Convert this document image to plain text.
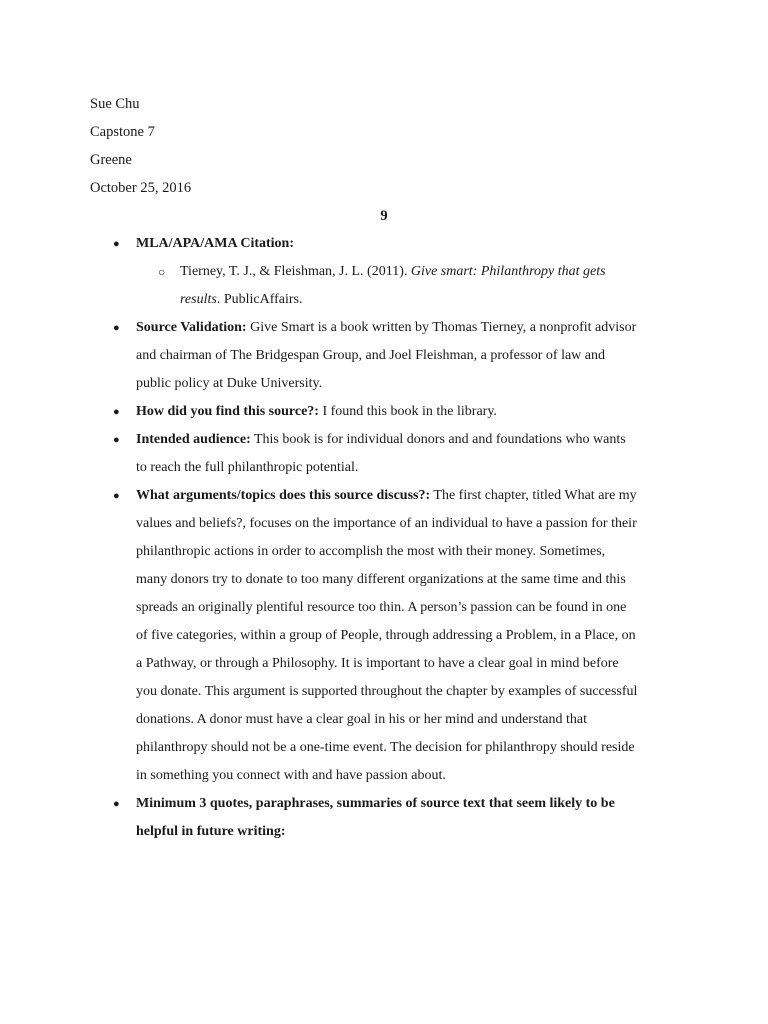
Sue Chu
Capstone 7
Greene
October 25, 2016
9
● MLA/APA/AMA Citation:
○ Tierney, T. J., & Fleishman, J. L. (2011). Give smart: Philanthropy that gets
results. PublicAffairs.
● Source Validation: Give Smart is a book written by Thomas Tierney, a nonprofit advisor
and chairman of The Bridgespan Group, and Joel Fleishman, a professor of law and
public policy at Duke University.
● How did you find this source?: I found this book in the library.
● Intended audience: This book is for individual donors and and foundations who wants
to reach the full philanthropic potential.
● What arguments/topics does this source discuss?: The first chapter, titled What are my
values and beliefs?, focuses on the importance of an individual to have a passion for their
philanthropic actions in order to accomplish the most with their money. Sometimes,
many donors try to donate to too many different organizations at the same time and this
spreads an originally plentiful resource too thin. A person’s passion can be found in one
of five categories, within a group of People, through addressing a Problem, in a Place, on
a Pathway, or through a Philosophy. It is important to have a clear goal in mind before
you donate. This argument is supported throughout the chapter by examples of successful
donations. A donor must have a clear goal in his or her mind and understand that
philanthropy should not be a one-time event. The decision for philanthropy should reside
in something you connect with and have passion about.
● Minimum 3 quotes, paraphrases, summaries of source text that seem likely to be
helpful in future writing:
